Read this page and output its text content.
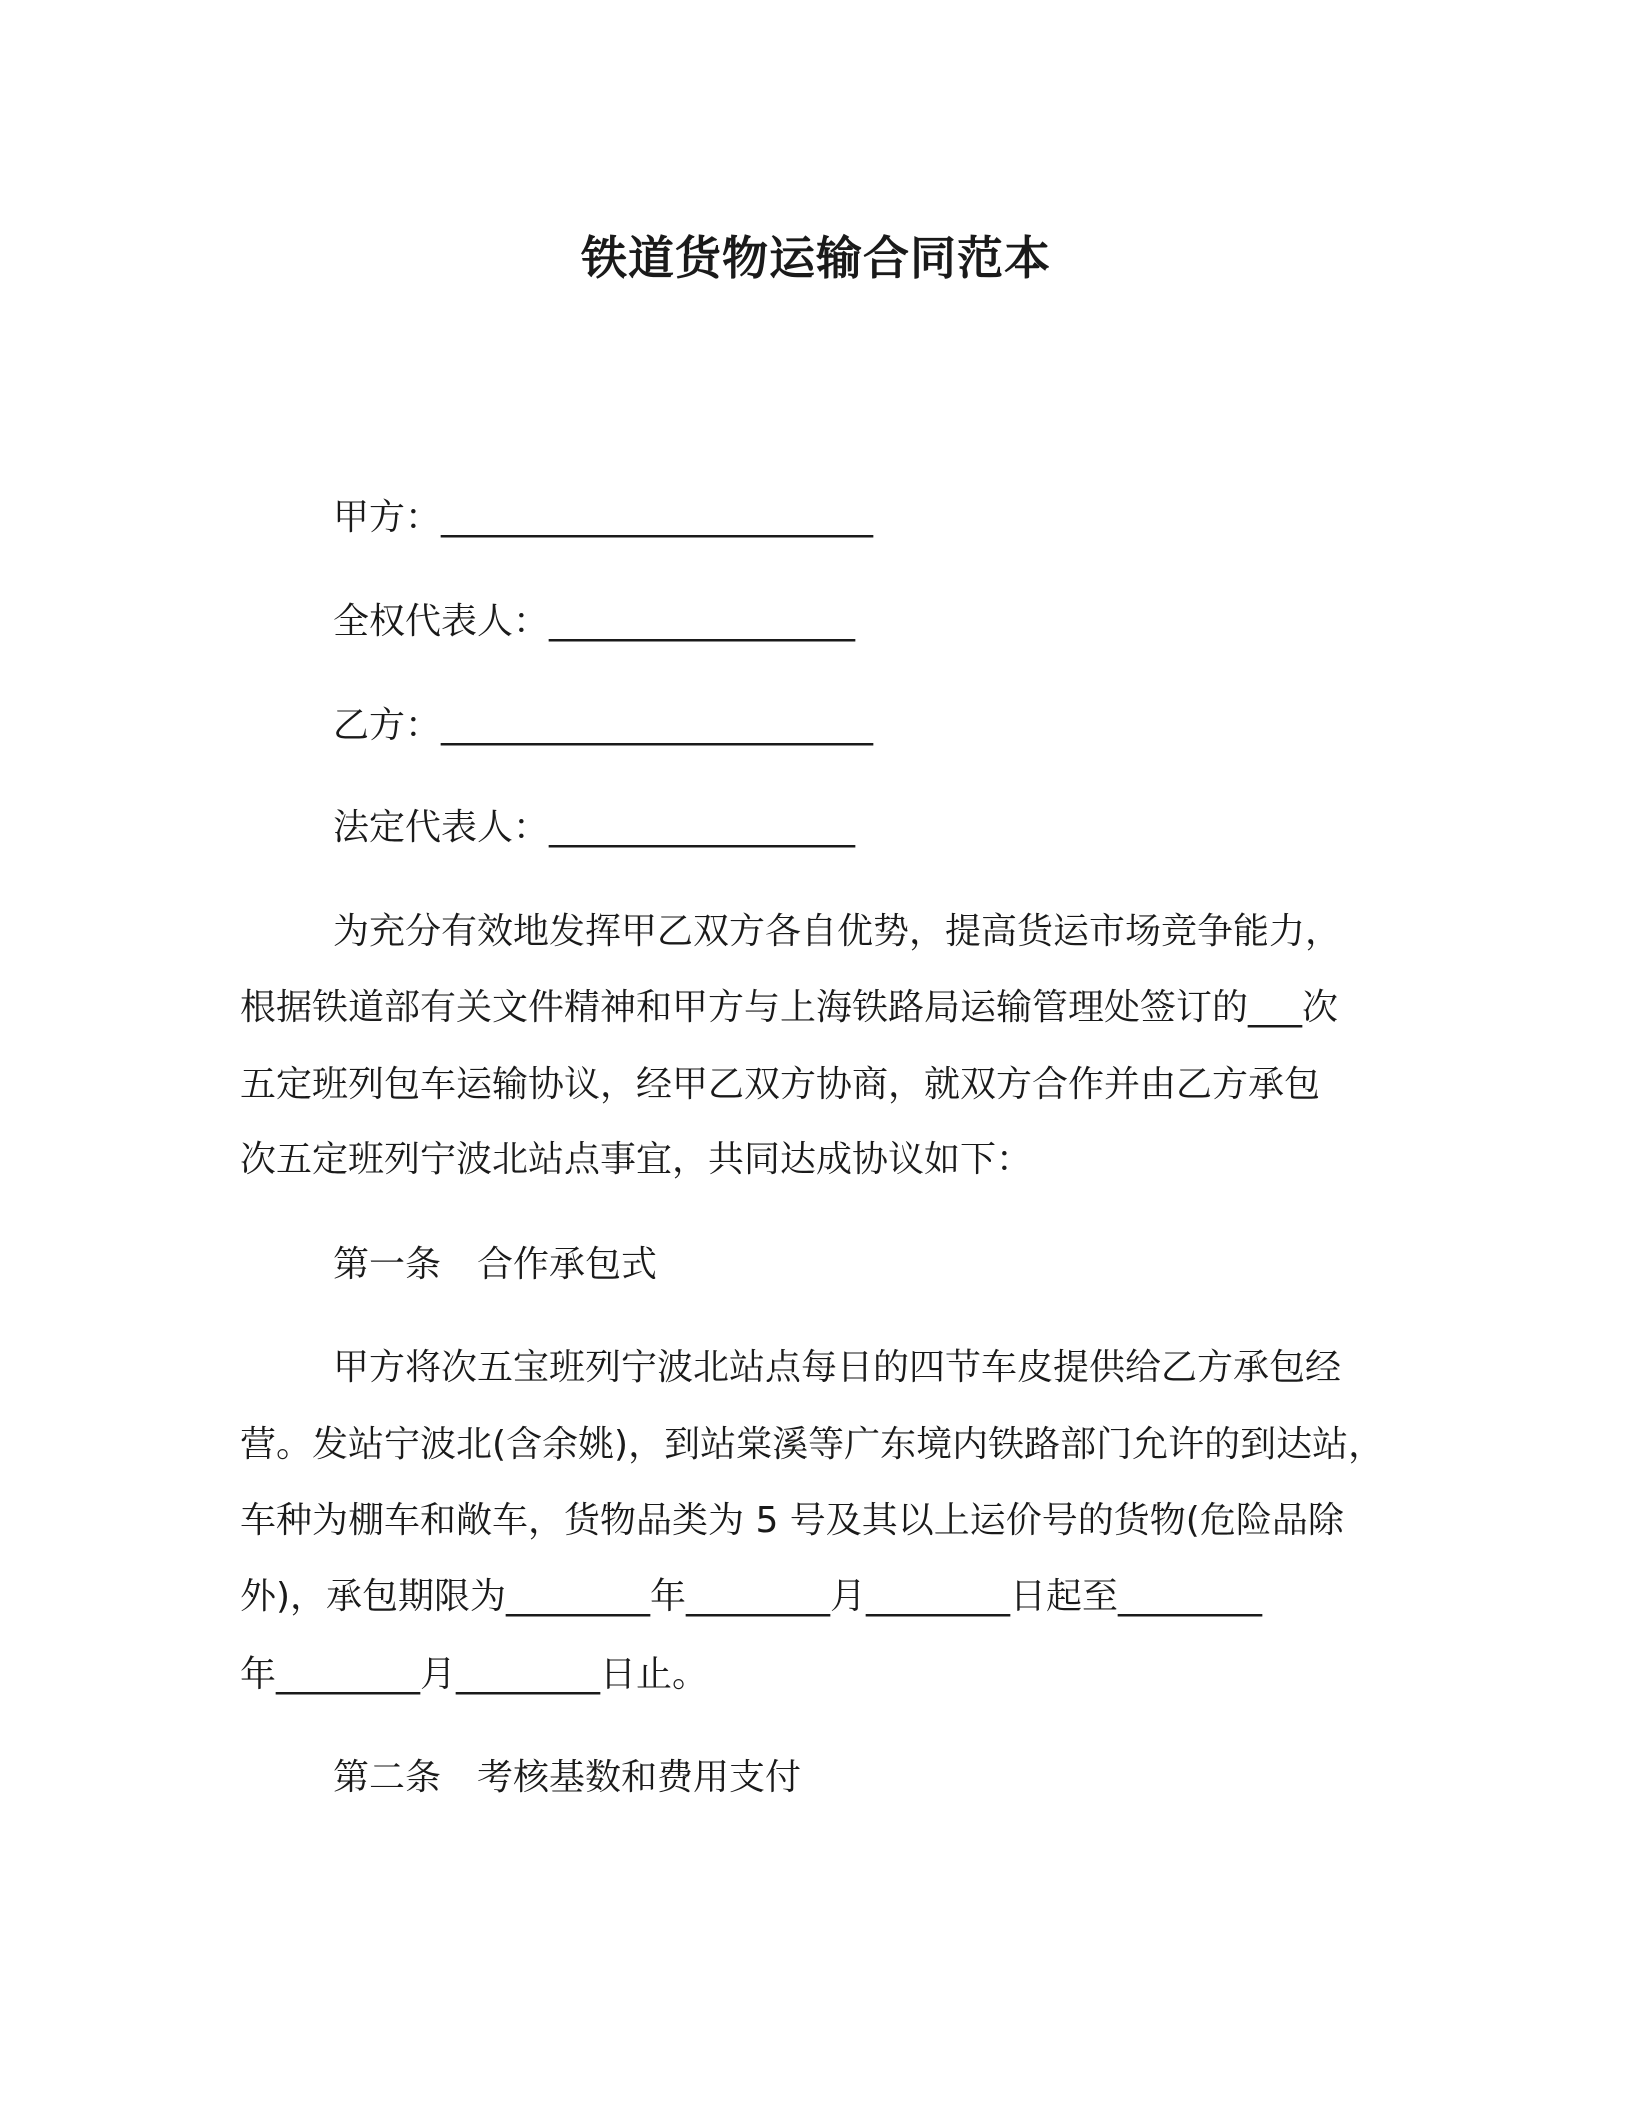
铁道货物运输合同范本
甲方：________________________
全权代表人：_________________
乙方：________________________
法定代表人：_________________
为充分有效地发挥甲乙双方各自优势，提高货运市场竞争能力，
根据铁道部有关文件精神和甲方与上海铁路局运输管理处签订的___次
五定班列包车运输协议，经甲乙双方协商，就双方合作并由乙方承包
次五定班列宁波北站点事宜，共同达成协议如下：
第一条　合作承包式
甲方将次五宝班列宁波北站点每日的四节车皮提供给乙方承包经
营。发站宁波北(含余姚)，到站棠溪等广东境内铁路部门允许的到达站，
车种为棚车和敞车，货物品类为 5 号及其以上运价号的货物(危险品除
外)，承包期限为________年________月________日起至________
年________月________日止。
第二条　考核基数和费用支付
